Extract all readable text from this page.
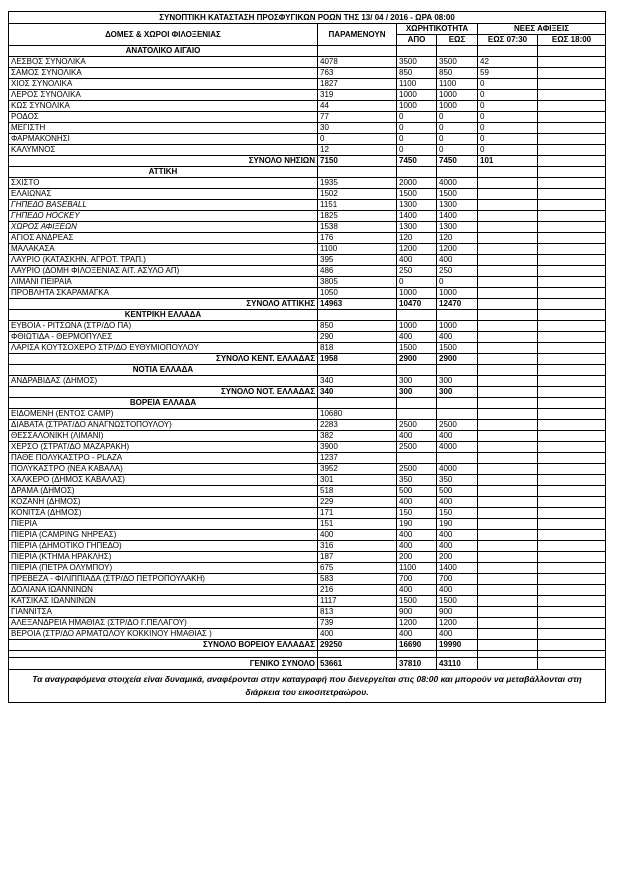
ΣΥΝΟΠΤΙΚΗ ΚΑΤΑΣΤΑΣΗ ΠΡΟΣΦΥΓΙΚΩΝ ΡΟΩΝ ΤΗΣ 13/ 04 / 2016 - ΩΡΑ 08:00					
ΔΟΜΕΣ & ΧΩΡΟΙ ΦΙΛΟΞΕΝΙΑΣ	ΠΑΡΑΜΕΝΟΥΝ	ΧΩΡΗΤΙΚΟΤΗΤΑ		ΝΕΕΣ ΑΦΙΞΕΙΣ	
		ΑΠΟ	ΕΩΣ	ΕΩΣ 07:30	ΕΩΣ 18:00
ΑΝΑΤΟΛΙΚΟ ΑΙΓΑΙΟ					
ΛΕΣΒΟΣ ΣΥΝΟΛΙΚΑ	4078	3500	3500	42	
ΣΑΜΟΣ ΣΥΝΟΛΙΚΑ	763	850	850	59	
ΧΙΟΣ ΣΥΝΟΛΙΚΑ	1827	1100	1100	0	
ΛΕΡΟΣ ΣΥΝΟΛΙΚΑ	319	1000	1000	0	
ΚΩΣ ΣΥΝΟΛΙΚΑ	44	1000	1000	0	
ΡΟΔΟΣ	77	0	0	0	
ΜΕΓΙΣΤΗ	30	0	0	0	
ΦΑΡΜΑΚΟΝΗΣΙ	0	0	0	0	
ΚΑΛΥΜΝΟΣ	12	0	0	0	
ΣΥΝΟΛΟ ΝΗΣΙΩΝ	7150	7450	7450	101	
ΑΤΤΙΚΗ					
ΣΧΙΣΤΟ	1935	2000	4000		
ΕΛΑΙΩΝΑΣ	1502	1500	1500		
ΓΗΠΕΔΟ BASEBALL	1151	1300	1300		
ΓΗΠΕΔΟ HOCKEY	1825	1400	1400		
ΧΩΡΟΣ ΑΦΙΞΕΩΝ	1538	1300	1300		
ΑΓΙΟΣ ΑΝΔΡΕΑΣ	176	120	120		
ΜΑΛΑΚΑΣΑ	1100	1200	1200		
ΛΑΥΡΙΟ (ΚΑΤΑΣΚΗΝ. ΑΓΡΟΤ. ΤΡΑΠ.)	395	400	400		
ΛΑΥΡΙΟ (ΔΟΜΗ ΦΙΛΟΞΕΝΙΑΣ ΑΙΤ. ΑΣΥΛΟ ΑΠ)	486	250	250		
ΛΙΜΑΝΙ ΠΕΙΡΑΙΑ	3805	0	0		
ΠΡΟΒΛΗΤΑ ΣΚΑΡΑΜΑΓΚΑ	1050	1000	1000		
ΣΥΝΟΛΟ ΑΤΤΙΚΗΣ	14963	10470	12470		
ΚΕΝΤΡΙΚΗ ΕΛΛΑΔΑ					
ΕΥΒΟΙΑ - ΡΙΤΣΩΝΑ (ΣΤΡ/ΔΟ ΠΑ)	850	1000	1000		
ΦΘΙΩΤΙΔΑ - ΘΕΡΜΟΠΥΛΕΣ	290	400	400		
ΛΑΡΙΣΑ ΚΟΥΤΣΟΧΕΡΟ ΣΤΡ/ΔΟ ΕΥΘΥΜΙΟΠΟΥΛΟΥ	818	1500	1500		
ΣΥΝΟΛΟ ΚΕΝΤ. ΕΛΛΑΔΑΣ	1958	2900	2900		
ΝΟΤΙΑ ΕΛΛΑΔΑ					
ΑΝΔΡΑΒΙΔΑΣ (ΔΗΜΟΣ)	340	300	300		
ΣΥΝΟΛΟ ΝΟΤ. ΕΛΛΑΔΑΣ	340	300	300		
ΒΟΡΕΙΑ ΕΛΛΑΔΑ					
ΕΙΔΟΜΕΝΗ (ΕΝΤΟΣ CAMP)	10680				
ΔΙΑΒΑΤΑ (ΣΤΡΑΤ/ΔΟ ΑΝΑΓΝΩΣΤΟΠΟΥΛΟΥ)	2283	2500	2500		
ΘΕΣΣΑΛΟΝΙΚΗ (ΛΙΜΑΝΙ)	382	400	400		
ΧΕΡΣΟ (ΣΤΡΑΤ/ΔΟ ΜΑΖΑΡΑΚΗ)	3900	2500	4000		
ΠΑΘΕ ΠΟΛΥΚΑΣΤΡΟ - PLAZA	1237				
ΠΟΛΥΚΑΣΤΡΟ (ΝΕΑ ΚΑΒΑΛΑ)	3952	2500	4000		
ΧΑΛΚΕΡΟ (ΔΗΜΟΣ ΚΑΒΑΛΑΣ)	301	350	350		
ΔΡΑΜΑ (ΔΗΜΟΣ)	518	500	500		
ΚΟΖΑΝΗ (ΔΗΜΟΣ)	229	400	400		
ΚΟΝΙΤΣΑ (ΔΗΜΟΣ)	171	150	150		
ΠΙΕΡΙΑ	151	190	190		
ΠΙΕΡΙΑ (CAMPING ΝΗΡΕΑΣ)	400	400	400		
ΠΙΕΡΙΑ (ΔΗΜΟΤΙΚΟ ΓΗΠΕΔΟ)	316	400	400		
ΠΙΕΡΙΑ (ΚΤΗΜΑ ΗΡΑΚΛΗΣ)	187	200	200		
ΠΙΕΡΙΑ (ΠΕΤΡΑ ΟΛΥΜΠΟΥ)	675	1100	1400		
ΠΡΕΒΕΖΑ - ΦΙΛΙΠΠΙΑΔΑ (ΣΤΡ/ΔΟ ΠΕΤΡΟΠΟΥΛΑΚΗ)	583	700	700		
ΔΟΛΙΑΝΑ ΙΩΑΝΝΙΝΩΝ	216	400	400		
ΚΑΤΣΙΚΑΣ ΙΩΑΝΝΙΝΩΝ	1117	1500	1500		
ΓΙΑΝΝΙΤΣΑ	813	900	900		
ΑΛΕΞΑΝΔΡΕΙΑ ΗΜΑΘΙΑΣ (ΣΤΡ/ΔΟ Γ.ΠΕΛΑΓΟΥ)	739	1200	1200		
ΒΕΡΟΙΑ (ΣΤΡ/ΔΟ ΑΡΜΑΤΩΛΟΥ ΚΟΚΚΙΝΟΥ ΗΜΑΘΙΑΣ )	400	400	400		
ΣΥΝΟΛΟ ΒΟΡΕΙΟΥ ΕΛΛΑΔΑΣ	29250	16690	19990		

ΓΕΝΙΚΟ ΣΥΝΟΛΟ	53661	37810	43110		
Τα αναγραφόμενα στοιχεία είναι δυναμικά, αναφέρονται στην καταγραφή που διενεργείται στις 08:00 και μπορούν να μεταβάλλονται στη διάρκεια του εικοσιτετραώρου.					
